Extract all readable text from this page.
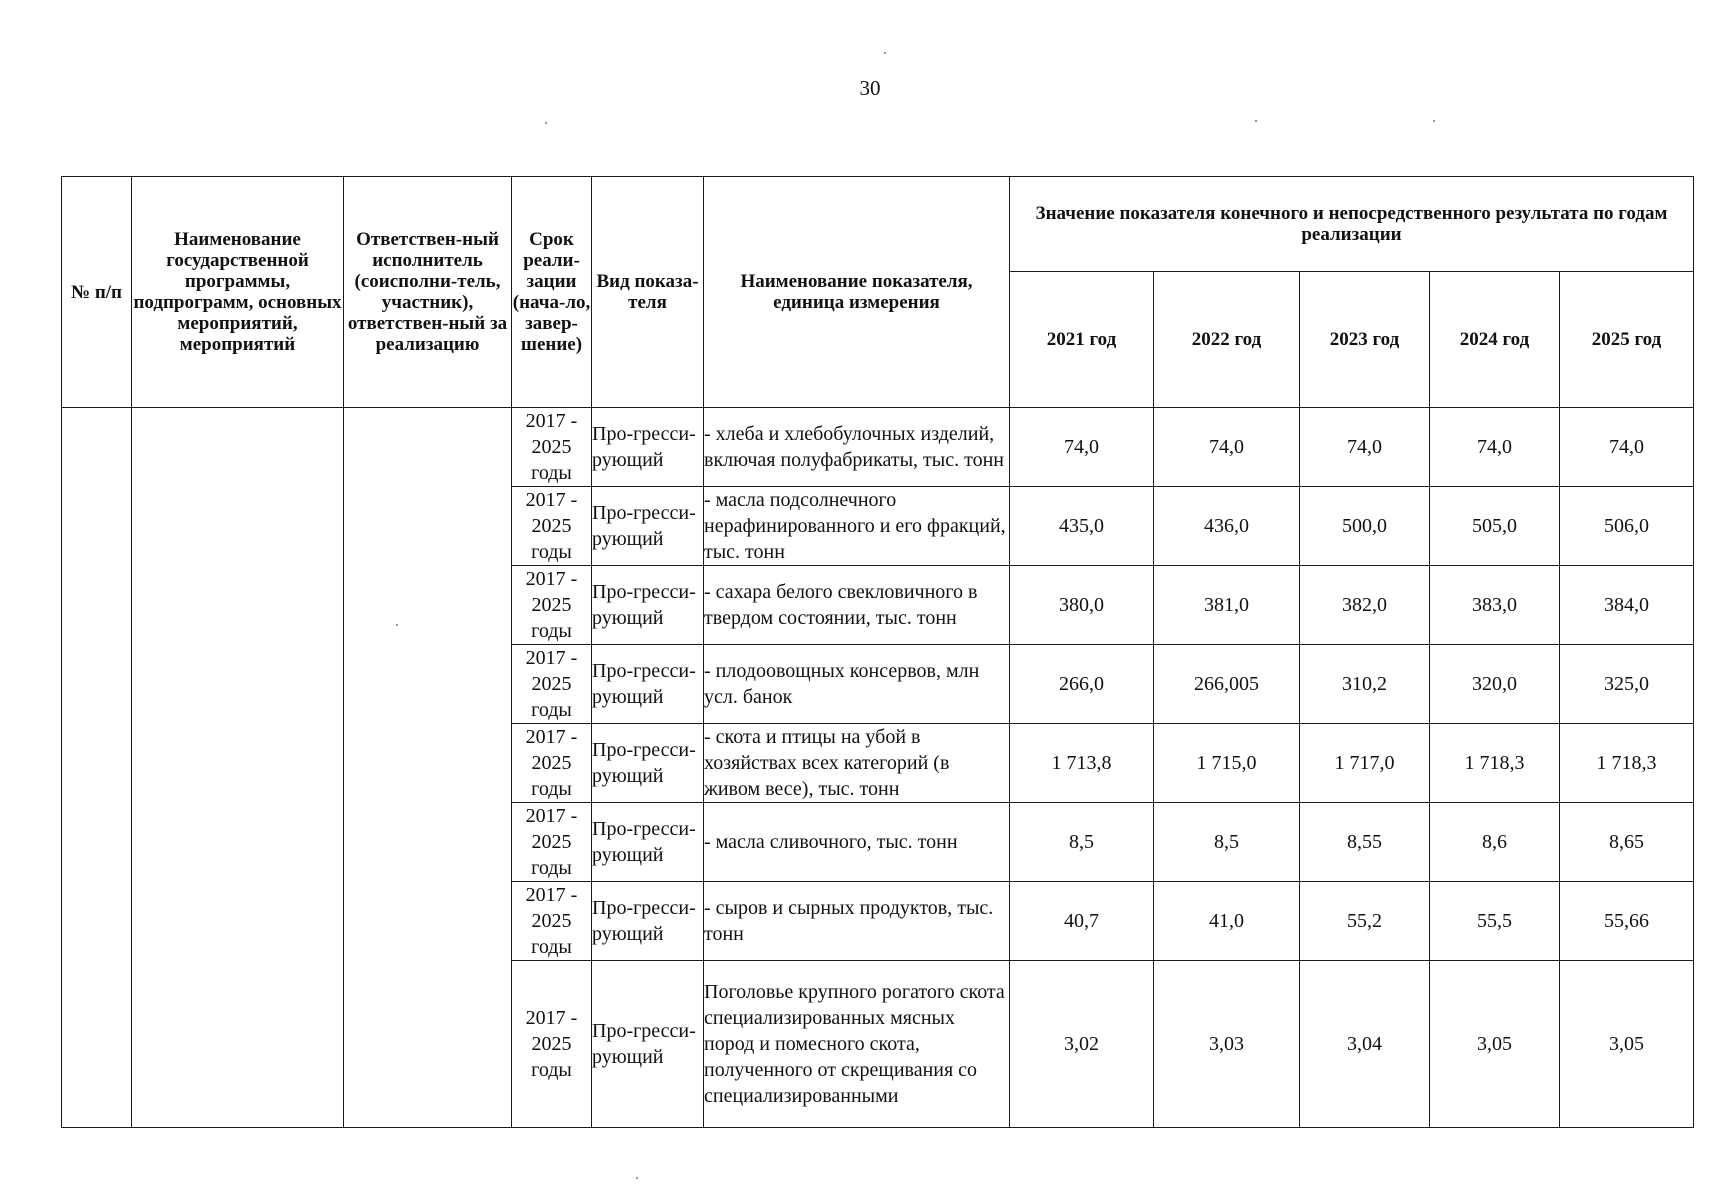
30
№ п/п	Наименование государственной программы, подпрограмм, основных мероприятий, мероприятий	Ответствен-ный исполнитель (соисполни-тель, участник), ответствен-ный за реализацию	Срок реали-зации (нача-ло, завер-шение)	Вид показа-теля	Наименование показателя, единица измерения	Значение показателя конечного и непосредственного результата по годам реализации				
						2021 год	2022 год	2023 год	2024 год	2025 год
			2017 - 2025 годы	Про-гресси-рующий	- хлеба и хлебобулочных изделий, включая полуфабрикаты, тыс. тонн	74,0	74,0	74,0	74,0	74,0
			2017 - 2025 годы	Про-гресси-рующий	- масла подсолнечного нерафинированного и его фракций, тыс. тонн	435,0	436,0	500,0	505,0	506,0
			2017 - 2025 годы	Про-гресси-рующий	- сахара белого свекловичного в твердом состоянии, тыс. тонн	380,0	381,0	382,0	383,0	384,0
			2017 - 2025 годы	Про-гресси-рующий	- плодоовощных консервов, млн усл. банок	266,0	266,005	310,2	320,0	325,0
			2017 - 2025 годы	Про-гресси-рующий	- скота и птицы на убой в хозяйствах всех категорий (в живом весе), тыс. тонн	1 713,8	1 715,0	1 717,0	1 718,3	1 718,3
			2017 - 2025 годы	Про-гресси-рующий	- масла сливочного, тыс. тонн	8,5	8,5	8,55	8,6	8,65
			2017 - 2025 годы	Про-гресси-рующий	- сыров и сырных продуктов, тыс. тонн	40,7	41,0	55,2	55,5	55,66
			2017 - 2025 годы	Про-гресси-рующий	Поголовье крупного рогатого скота специализированных мясных пород и помесного скота, полученного от скрещивания со специализированными	3,02	3,03	3,04	3,05	3,05
